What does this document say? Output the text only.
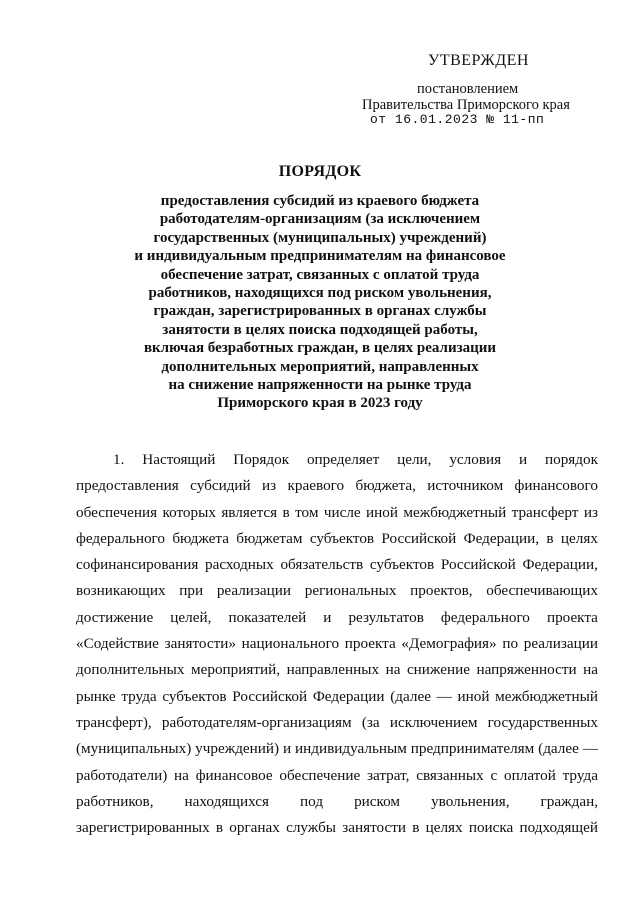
УТВЕРЖДЕН
постановлением
Правительства Приморского края
от 16.01.2023 № 11-пп
ПОРЯДОК
предоставления субсидий из краевого бюджета
работодателям-организациям (за исключением
государственных (муниципальных) учреждений)
и индивидуальным предпринимателям на финансовое
обеспечение затрат, связанных с оплатой труда
работников, находящихся под риском увольнения,
граждан, зарегистрированных в органах службы
занятости в целях поиска подходящей работы,
включая безработных граждан, в целях реализации
дополнительных мероприятий, направленных
на снижение напряженности на рынке труда
Приморского края в 2023 году
1. Настоящий Порядок определяет цели, условия и порядок
предоставления субсидий из краевого бюджета, источником финансового
обеспечения которых является в том числе иной межбюджетный трансферт из
федерального бюджета бюджетам субъектов Российской Федерации, в целях
софинансирования расходных обязательств субъектов Российской Федерации,
возникающих при реализации региональных проектов, обеспечивающих
достижение целей, показателей и результатов федерального проекта
«Содействие занятости» национального проекта «Демография» по реализации
дополнительных мероприятий, направленных на снижение напряженности на
рынке труда субъектов Российской Федерации (далее — иной межбюджетный
трансферт), работодателям-организациям (за исключением государственных
(муниципальных) учреждений) и индивидуальным предпринимателям (далее —
работодатели) на финансовое обеспечение затрат, связанных с оплатой труда
работников, находящихся под риском увольнения, граждан,
зарегистрированных в органах службы занятости в целях поиска подходящей
